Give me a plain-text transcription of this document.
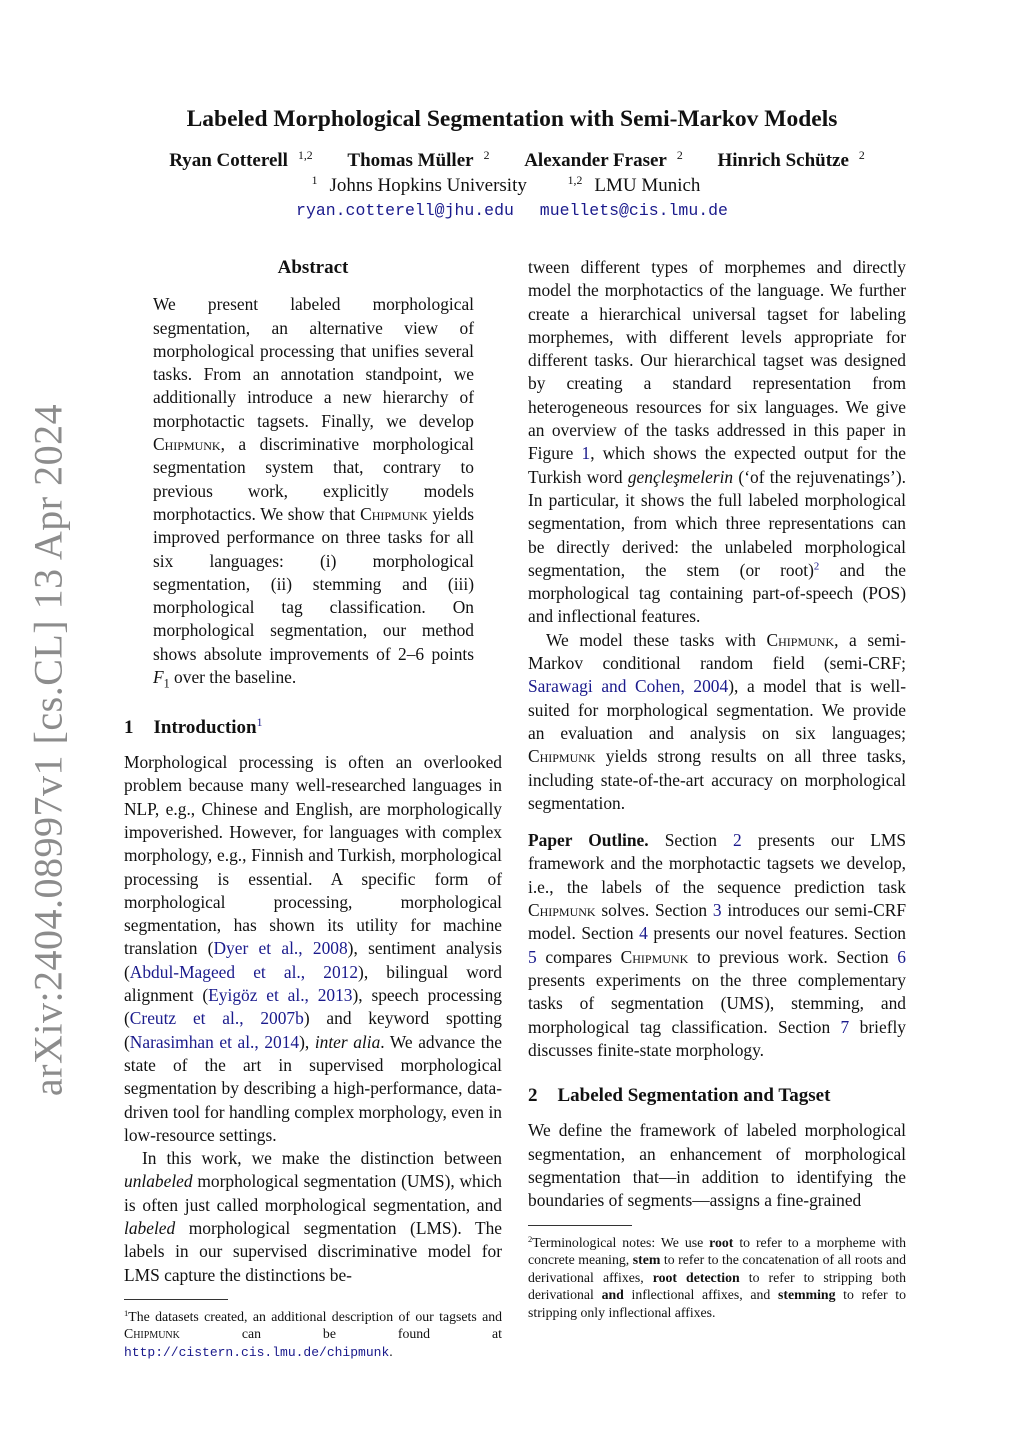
arXiv:2404.08997v1 [cs.CL] 13 Apr 2024
Labeled Morphological Segmentation with Semi-Markov Models
Ryan Cotterell $^{1,2}$ Thomas Müller $^2$ Alexander Fraser $^2$ Hinrich Schütze $^2$
$^1$ Johns Hopkins University	$^{1,2}$ LMU Munich
ryan.cotterell@jhu.edu muellets@cis.lmu.de
Abstract

We present labeled morphological segmentation, an alternative view of morphological processing that unifies several tasks. From an annotation standpoint, we additionally introduce a new hierarchy of morphotactic tagsets. Finally, we develop Chipmunk, a discriminative morphological segmentation system that, contrary to previous work, explicitly models morphotactics. We show that Chipmunk yields improved performance on three tasks for all six languages: (i) morphological segmentation, (ii) stemming and (iii) morphological tag classification. On morphological segmentation, our method shows absolute improvements of 2–6 points $F_1$ over the baseline.

1 Introduction$^1$

Morphological processing is often an overlooked problem because many well-researched languages in NLP, e.g., Chinese and English, are morphologically impoverished. However, for languages with complex morphology, e.g., Finnish and Turkish, morphological processing is essential. A specific form of morphological processing, morphological segmentation, has shown its utility for machine translation (Dyer et al., 2008), sentiment analysis (Abdul-Mageed et al., 2012), bilingual word alignment (Eyigöz et al., 2013), speech processing (Creutz et al., 2007b) and keyword spotting (Narasimhan et al., 2014), inter alia. We advance the state of the art in supervised morphological segmentation by describing a high-performance, data-driven tool for handling complex morphology, even in low-resource settings.

In this work, we make the distinction between unlabeled morphological segmentation (UMS), which is often just called morphological segmentation, and labeled morphological segmentation (LMS). The labels in our supervised discriminative model for LMS capture the distinctions be-

$^1$The datasets created, an additional description of our tagsets and Chipmunk can be found at http://cistern.cis.lmu.de/chipmunk.

tween different types of morphemes and directly model the morphotactics of the language. We further create a hierarchical universal tagset for labeling morphemes, with different levels appropriate for different tasks. Our hierarchical tagset was designed by creating a standard representation from heterogeneous resources for six languages. We give an overview of the tasks addressed in this paper in Figure 1, which shows the expected output for the Turkish word gençleşmelerin (‘of the rejuvenatings’). In particular, it shows the full labeled morphological segmentation, from which three representations can be directly derived: the unlabeled morphological segmentation, the stem (or root)$^2$ and the morphological tag containing part-of-speech (POS) and inflectional features.

We model these tasks with Chipmunk, a semi-Markov conditional random field (semi-CRF; Sarawagi and Cohen, 2004), a model that is well-suited for morphological segmentation. We provide an evaluation and analysis on six languages; Chipmunk yields strong results on all three tasks, including state-of-the-art accuracy on morphological segmentation.

Paper Outline. Section 2 presents our LMS framework and the morphotactic tagsets we develop, i.e., the labels of the sequence prediction task Chipmunk solves. Section 3 introduces our semi-CRF model. Section 4 presents our novel features. Section 5 compares Chipmunk to previous work. Section 6 presents experiments on the three complementary tasks of segmentation (UMS), stemming, and morphological tag classification. Section 7 briefly discusses finite-state morphology.

2 Labeled Segmentation and Tagset

We define the framework of labeled morphological segmentation, an enhancement of morphological segmentation that—in addition to identifying the boundaries of segments—assigns a fine-grained

$^2$Terminological notes: We use root to refer to a morpheme with concrete meaning, stem to refer to the concatenation of all roots and derivational affixes, root detection to refer to stripping both derivational and inflectional affixes, and stemming to refer to stripping only inflectional affixes.
